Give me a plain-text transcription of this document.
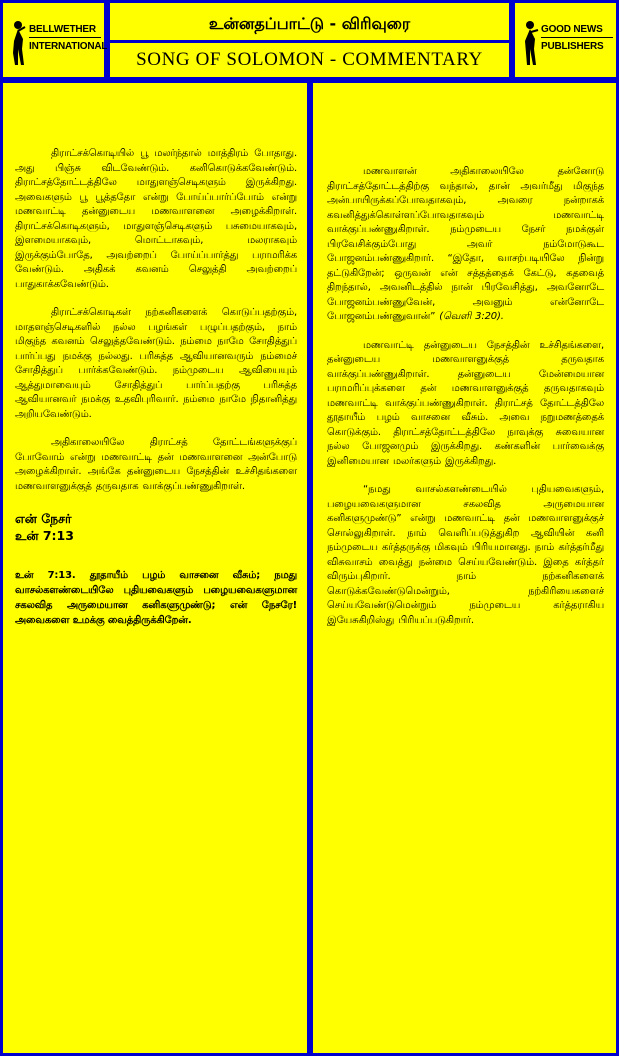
BELLWETHER
INTERNATIONAL
உன்னதப்பாட்டு - விரிவுரை
SONG OF SOLOMON - COMMENTARY
GOOD NEWS
PUBLISHERS

திராட்சக்கொடியில் பூ மலர்ந்தால் மாத்திரம் போதாது. அது பிஞ்சு விடவேண்டும். கனிகொடுக்கவேண்டும். திராட்சத்தோட்டத்திலே மாதுளஞ்செடிகளும் இருக்கிறது. அவைகளும் பூ பூத்ததோ என்று போய்ப்பார்ப்போம் என்று மணவாட்டி தன்னுடைய மணவாளனை அழைக்கிறாள். திராட்சக்கொடிகளும், மாதுளஞ்செடிகளும் பசுமையாகவும், இளமையாகவும், மொட்டாகவும், மலராகவும் இருக்கும்போதே, அவற்றைப் போய்ப்பார்த்து பராமரிக்க வேண்டும். அதிகக் கவனம் செலுத்தி அவற்றைப் பாதுகாக்கவேண்டும்.

திராட்சக்கொடிகள் நற்கனிகளைக் கொடுப்பதற்கும், மாதளஞ்செடிகளில் நல்ல பழங்கள் பழுப்பதற்கும், நாம் மிகுந்த கவனம் செலுத்தவேண்டும். நம்மை நாமே சோதித்துப் பார்ப்பது நமக்கு நல்லது. பரிசுத்த ஆவியானவரும் நம்மைச் சோதித்துப் பார்க்கவேண்டும். நம்முடைய ஆவியையும் ஆத்துமாவையும் சோதித்துப் பார்ப்பதற்கு பரிசுத்த ஆவியானவர் நமக்கு உதவிபுரிவார். நம்மை நாமே நிதானித்து அறியவேண்டும்.

அதிகாலையிலே திராட்சத் தோட்டங்களுக்குப் போவோம் என்று மணவாட்டி தன் மணவாளனை அன்போடு அழைக்கிறாள். அங்கே தன்னுடைய நேசத்தின் உச்சிதங்களை மணவாளனுக்குத் தருவதாக வாக்குப்பண்ணுகிறாள்.

என் நேசர்
உன் 7:13

உன் 7:13. தூதாயீம் பழம் வாசனை வீசும்; நமது வாசல்களண்டையிலே புதியவைகளும் பழையவைகளுமான சகலவித அருமையான கனிகளுமுண்டு; என் நேசரே! அவைகளை உமக்கு வைத்திருக்கிறேன்.

மணவாளன் அதிகாலையிலே தன்னோடு திராட்சத்தோட்டத்திற்கு வந்தால், தான் அவர்மீது மிகுந்த அன்பாயிருக்கப்போவதாகவும், அவரை நன்றாகக் கவனித்துக்கொள்ளப்போவதாகவும் மணவாட்டி வாக்குப்பண்ணுகிறாள். நம்முடைய நேசர் நமக்குள் பிரவேசிக்கும்போது அவர் நம்மோடுகூட போஜனம்பண்ணுகிறார். “இதோ, வாசற்படியிலே நின்று தட்டுகிறேன்; ஒருவன் என் சத்தத்தைக் கேட்டு, கதவைத் திறந்தால், அவனிடத்தில் நான் பிரவேசித்து, அவனோடே போஜனம்பண்ணுவேன், அவனும் என்னோடே போஜனம்பண்ணுவான்” (வெளி 3:20).

மணவாட்டி தன்னுடைய நேசத்தின் உச்சிதங்களை, தன்னுடைய மணவாளனுக்குத் தருவதாக வாக்குப்பண்ணுகிறாள். தன்னுடைய மேன்மையான பராமரிப்புக்களை தன் மணவாளனுக்குத் தருவதாகவும் மணவாட்டி வாக்குப்பண்ணுகிறாள். திராட்சத் தோட்டத்திலே தூதாயீம் பழம் வாசனை வீசும். அவை நறுமணத்தைக் கொடுக்கும். திராட்சத்தோட்டத்திலே நாவுக்கு சுவையான நல்ல போஜனமும் இருக்கிறது. கண்களின் பார்வைக்கு இனிமையான மலர்களும் இருக்கிறது.

“நமது வாசல்களண்டையில் புதியவைகளும், பழையவைகளுமான சகலவித அருமையான கனிகளுமுண்டு” என்று மணவாட்டி தன் மணவாளனுக்குச் சொல்லுகிறாள். நாம் வெளிப்படுத்துகிற ஆவியின் கனி நம்முடைய கர்த்தருக்கு மிகவும் பிரியமானது. நாம் கர்த்தர்மீது விசுவாசம் வைத்து நன்மை செய்யவேண்டும். இதை கர்த்தர் விரும்புகிறார். நாம் நற்கனிகளைக் கொடுக்கவேண்டுமென்றும், நற்கிரியைகளைச் செய்யவேண்டுமென்றும் நம்முடைய கர்த்தராகிய இயேசுகிறிஸ்து பிரியப்படுகிறார்.
